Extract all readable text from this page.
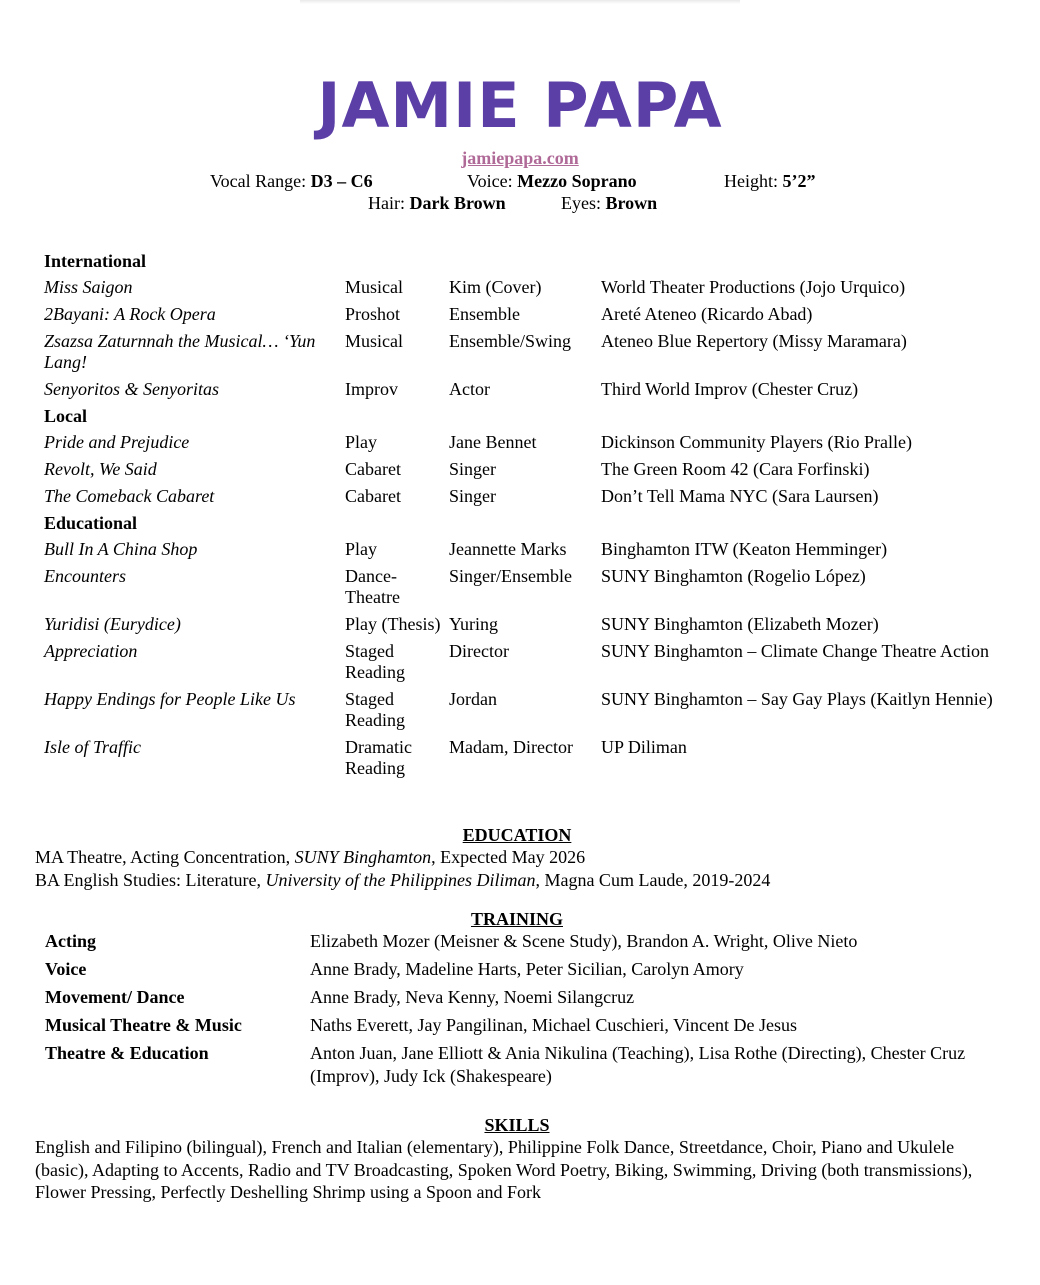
JAMIE PAPA
jamiepapa.com
Vocal Range: D3 – C6	Voice: Mezzo Soprano	Height: 5’2”
Hair: Dark Brown	Eyes: Brown
International			
Miss Saigon	Musical	Kim (Cover)	World Theater Productions (Jojo Urquico)
2Bayani: A Rock Opera	Proshot	Ensemble	Areté Ateneo (Ricardo Abad)
Zsazsa Zaturnnah the Musical… ‘Yun Lang!	Musical	Ensemble/Swing	Ateneo Blue Repertory (Missy Maramara)
Senyoritos & Senyoritas	Improv	Actor	Third World Improv (Chester Cruz)
Local			
Pride and Prejudice	Play	Jane Bennet	Dickinson Community Players (Rio Pralle)
Revolt, We Said	Cabaret	Singer	The Green Room 42 (Cara Forfinski)
The Comeback Cabaret	Cabaret	Singer	Don’t Tell Mama NYC (Sara Laursen)
Educational			
Bull In A China Shop	Play	Jeannette Marks	Binghamton ITW (Keaton Hemminger)
Encounters	Dance-Theatre	Singer/Ensemble	SUNY Binghamton (Rogelio López)
Yuridisi (Eurydice)	Play (Thesis)	Yuring	SUNY Binghamton (Elizabeth Mozer)
Appreciation	Staged Reading	Director	SUNY Binghamton – Climate Change Theatre Action
Happy Endings for People Like Us	Staged Reading	Jordan	SUNY Binghamton – Say Gay Plays (Kaitlyn Hennie)
Isle of Traffic	Dramatic Reading	Madam, Director	UP Diliman
EDUCATION
MA Theatre, Acting Concentration, SUNY Binghamton, Expected May 2026
BA English Studies: Literature, University of the Philippines Diliman, Magna Cum Laude, 2019-2024
TRAINING
Acting	Elizabeth Mozer (Meisner & Scene Study), Brandon A. Wright, Olive Nieto
Voice	Anne Brady, Madeline Harts, Peter Sicilian, Carolyn Amory
Movement/ Dance	Anne Brady, Neva Kenny, Noemi Silangcruz
Musical Theatre & Music	Naths Everett, Jay Pangilinan, Michael Cuschieri, Vincent De Jesus
Theatre & Education	Anton Juan, Jane Elliott & Ania Nikulina (Teaching), Lisa Rothe (Directing), Chester Cruz (Improv), Judy Ick (Shakespeare)
SKILLS
English and Filipino (bilingual), French and Italian (elementary), Philippine Folk Dance, Streetdance, Choir, Piano and Ukulele (basic), Adapting to Accents, Radio and TV Broadcasting, Spoken Word Poetry, Biking, Swimming, Driving (both transmissions), Flower Pressing, Perfectly Deshelling Shrimp using a Spoon and Fork
